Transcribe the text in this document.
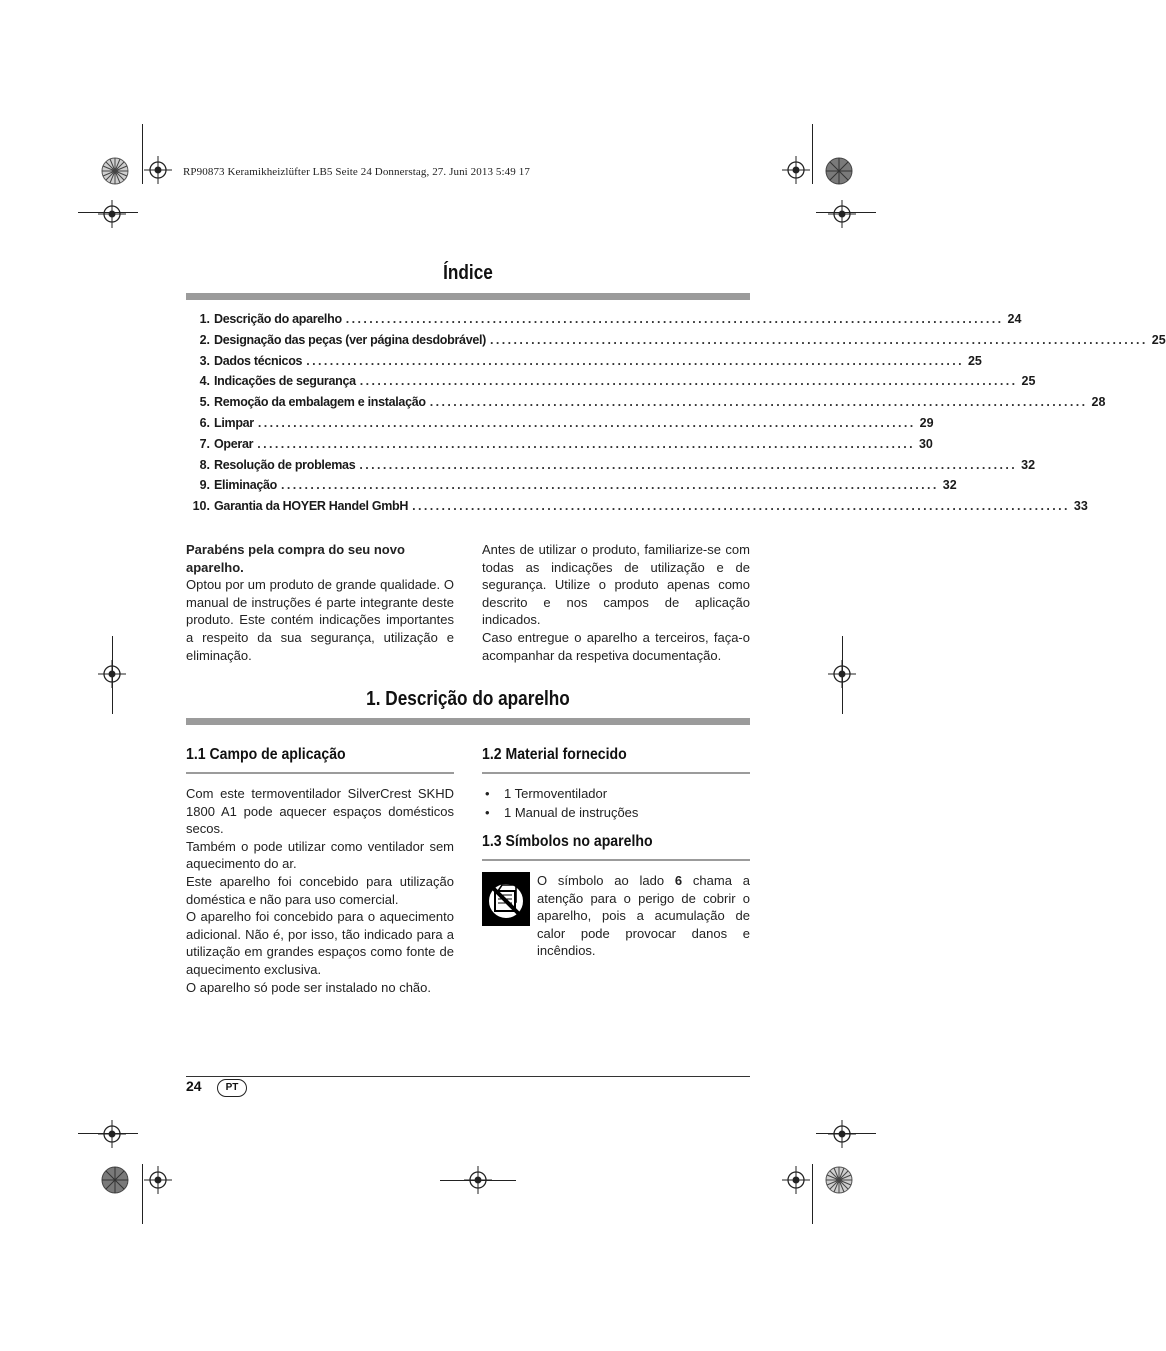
RP90873 Keramikheizlüfter LB5 Seite 24 Donnerstag, 27. Juni 2013 5:49 17
Índice
1. Descrição do aparelho ................................................................................................................ 24
2. Designação das peças (ver página desdobrável) ................................................................................................................ 25
3. Dados técnicos ................................................................................................................ 25
4. Indicações de segurança ................................................................................................................ 25
5. Remoção da embalagem e instalação ................................................................................................................ 28
6. Limpar ................................................................................................................ 29
7. Operar ................................................................................................................ 30
8. Resolução de problemas ................................................................................................................ 32
9. Eliminação ................................................................................................................ 32
10. Garantia da HOYER Handel GmbH ................................................................................................................ 33

Parabéns pela compra do seu novo aparelho.

Optou por um produto de grande qualidade. O manual de instruções é parte integrante deste produto. Este contém indicações importantes a respeito da sua segurança, utilização e eliminação.

Antes de utilizar o produto, familiarize-se com todas as indicações de utilização e de segurança. Utilize o produto apenas como descrito e nos campos de aplicação indicados.

Caso entregue o aparelho a terceiros, faça-o acompanhar da respetiva documentação.

1. Descrição do aparelho
1.1 Campo de aplicação

Com este termoventilador SilverCrest SKHD 1800 A1 pode aquecer espaços domésticos secos.

Também o pode utilizar como ventilador sem aquecimento do ar.

Este aparelho foi concebido para utilização doméstica e não para uso comercial.

O aparelho foi concebido para o aquecimento adicional. Não é, por isso, tão indicado para a utilização em grandes espaços como fonte de aquecimento exclusiva.

O aparelho só pode ser instalado no chão.

1.2 Material fornecido
• 1 Termoventilador
• 1 Manual de instruções
1.3 Símbolos no aparelho

O símbolo ao lado 6 chama a atenção para o perigo de cobrir o aparelho, pois a acumulação de calor pode provocar danos e incêndios.

24	PT
